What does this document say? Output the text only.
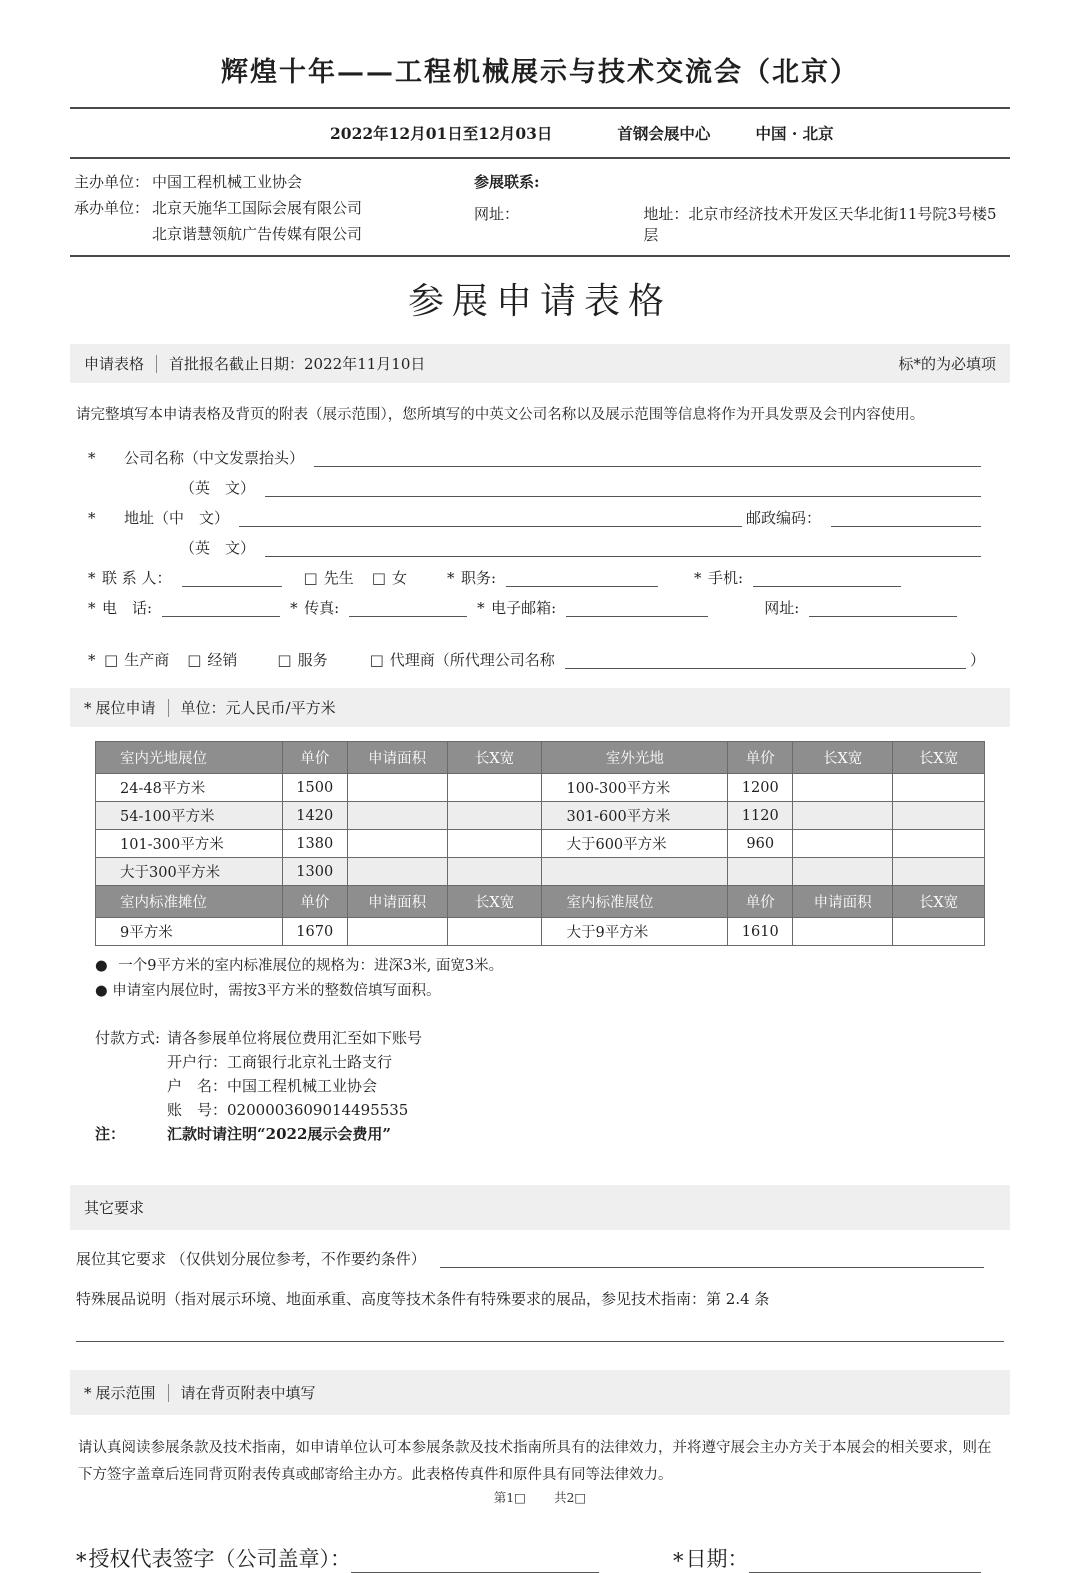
辉煌十年——工程机械展示与技术交流会（北京）
2022年12月01日至12月03日	首钢会展中心	中国 · 北京
主办单位： 中国工程机械工业协会
承办单位： 北京天施华工国际会展有限公司
北京谐慧领航广告传媒有限公司
参展联系:
网址：	地址：北京市经济技术开发区天华北街11号院3号楼5层
参展申请表格
申请表格 首批报名截止日期：2022年11月10日	标*的为必填项
请完整填写本申请表格及背页的附表（展示范围），您所填写的中英文公司名称以及展示范围等信息将作为开具发票及会刊内容使用。
*	公司名称（中文发票抬头）
（英　文）
*	地址（中　文）	邮政编码：
（英　文）
* 联 系 人：	□ 先生 □ 女	* 职务:	* 手机:
* 电　话:	* 传真:	* 电子邮箱:	网址:
* □ 生产商 □ 经销	□ 服务	□ 代理商（所代理公司名称	）
* 展位申请 单位：元人民币/平方米
室内光地展位	单价	申请面积	长X宽	室外光地	单价	长X宽	长X宽
24-48平方米	1500			100-300平方米	1200		
54-100平方米	1420			301-600平方米	1120		
101-300平方米	1380			大于600平方米	960		
大于300平方米	1300						
室内标准摊位	单价	申请面积	长X宽	室内标准展位	单价	申请面积	长X宽
9平方米	1670			大于9平方米	1610		
● 一个9平方米的室内标准展位的规格为：进深3米, 面宽3米。
● 申请室内展位时，需按3平方米的整数倍填写面积。
付款方式: 请各参展单位将展位费用汇至如下账号
开户行：工商银行北京礼士路支行
户　名：中国工程机械工业协会
账　号：0200003609014495535
注：	汇款时请注明“2022展示会费用”
其它要求
展位其它要求 （仅供划分展位参考，不作要约条件）
特殊展品说明（指对展示环境、地面承重、高度等技术条件有特殊要求的展品，参见技术指南：第 2.4 条
* 展示范围 请在背页附表中填写
请认真阅读参展条款及技术指南，如申请单位认可本参展条款及技术指南所具有的法律效力，并将遵守展会主办方关于本展会的相关要求，则在下方签字盖章后连同背页附表传真或邮寄给主办方。此表格传真件和原件具有同等法律效力。
* 授权代表签字（公司盖章）：	* 日期：
第1□ 共2□
